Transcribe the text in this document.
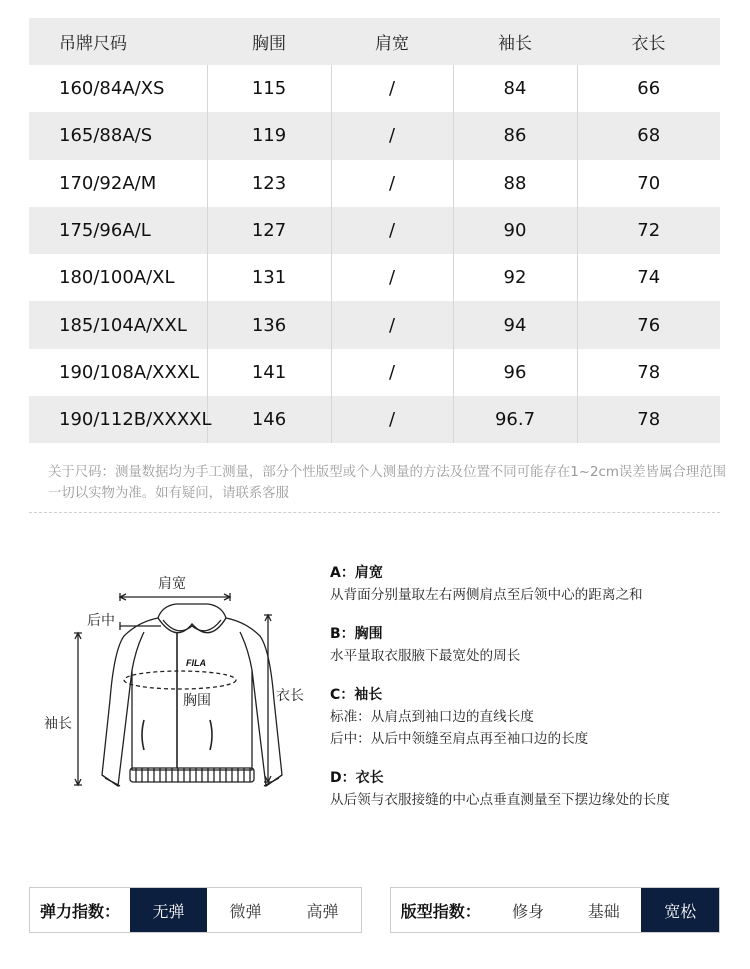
吊牌尺码	胸围	肩宽	袖长	衣长
160/84A/XS	115	/	84	66
165/88A/S	119	/	86	68
170/92A/M	123	/	88	70
175/96A/L	127	/	90	72
180/100A/XL	131	/	92	74
185/104A/XXL	136	/	94	76
190/108A/XXXL	141	/	96	78
190/112B/XXXXL	146	/	96.7	78
关于尺码：测量数据均为手工测量，部分个性版型或个人测量的方法及位置不同可能存在1~2cm误差皆属合理范围一切以实物为准。如有疑问，请联系客服
FILA
肩宽
后中
袖长
胸围	衣长
A：肩宽
从背面分别量取左右两侧肩点至后领中心的距离之和
B：胸围
水平量取衣服腋下最宽处的周长
C：袖长
标准：从肩点到袖口边的直线长度
后中：从后中领缝至肩点再至袖口边的长度
D：衣长
从后领与衣服接缝的中心点垂直测量至下摆边缘处的长度
弹力指数：	无弹	微弹	高弹	版型指数：	修身	基础	宽松
